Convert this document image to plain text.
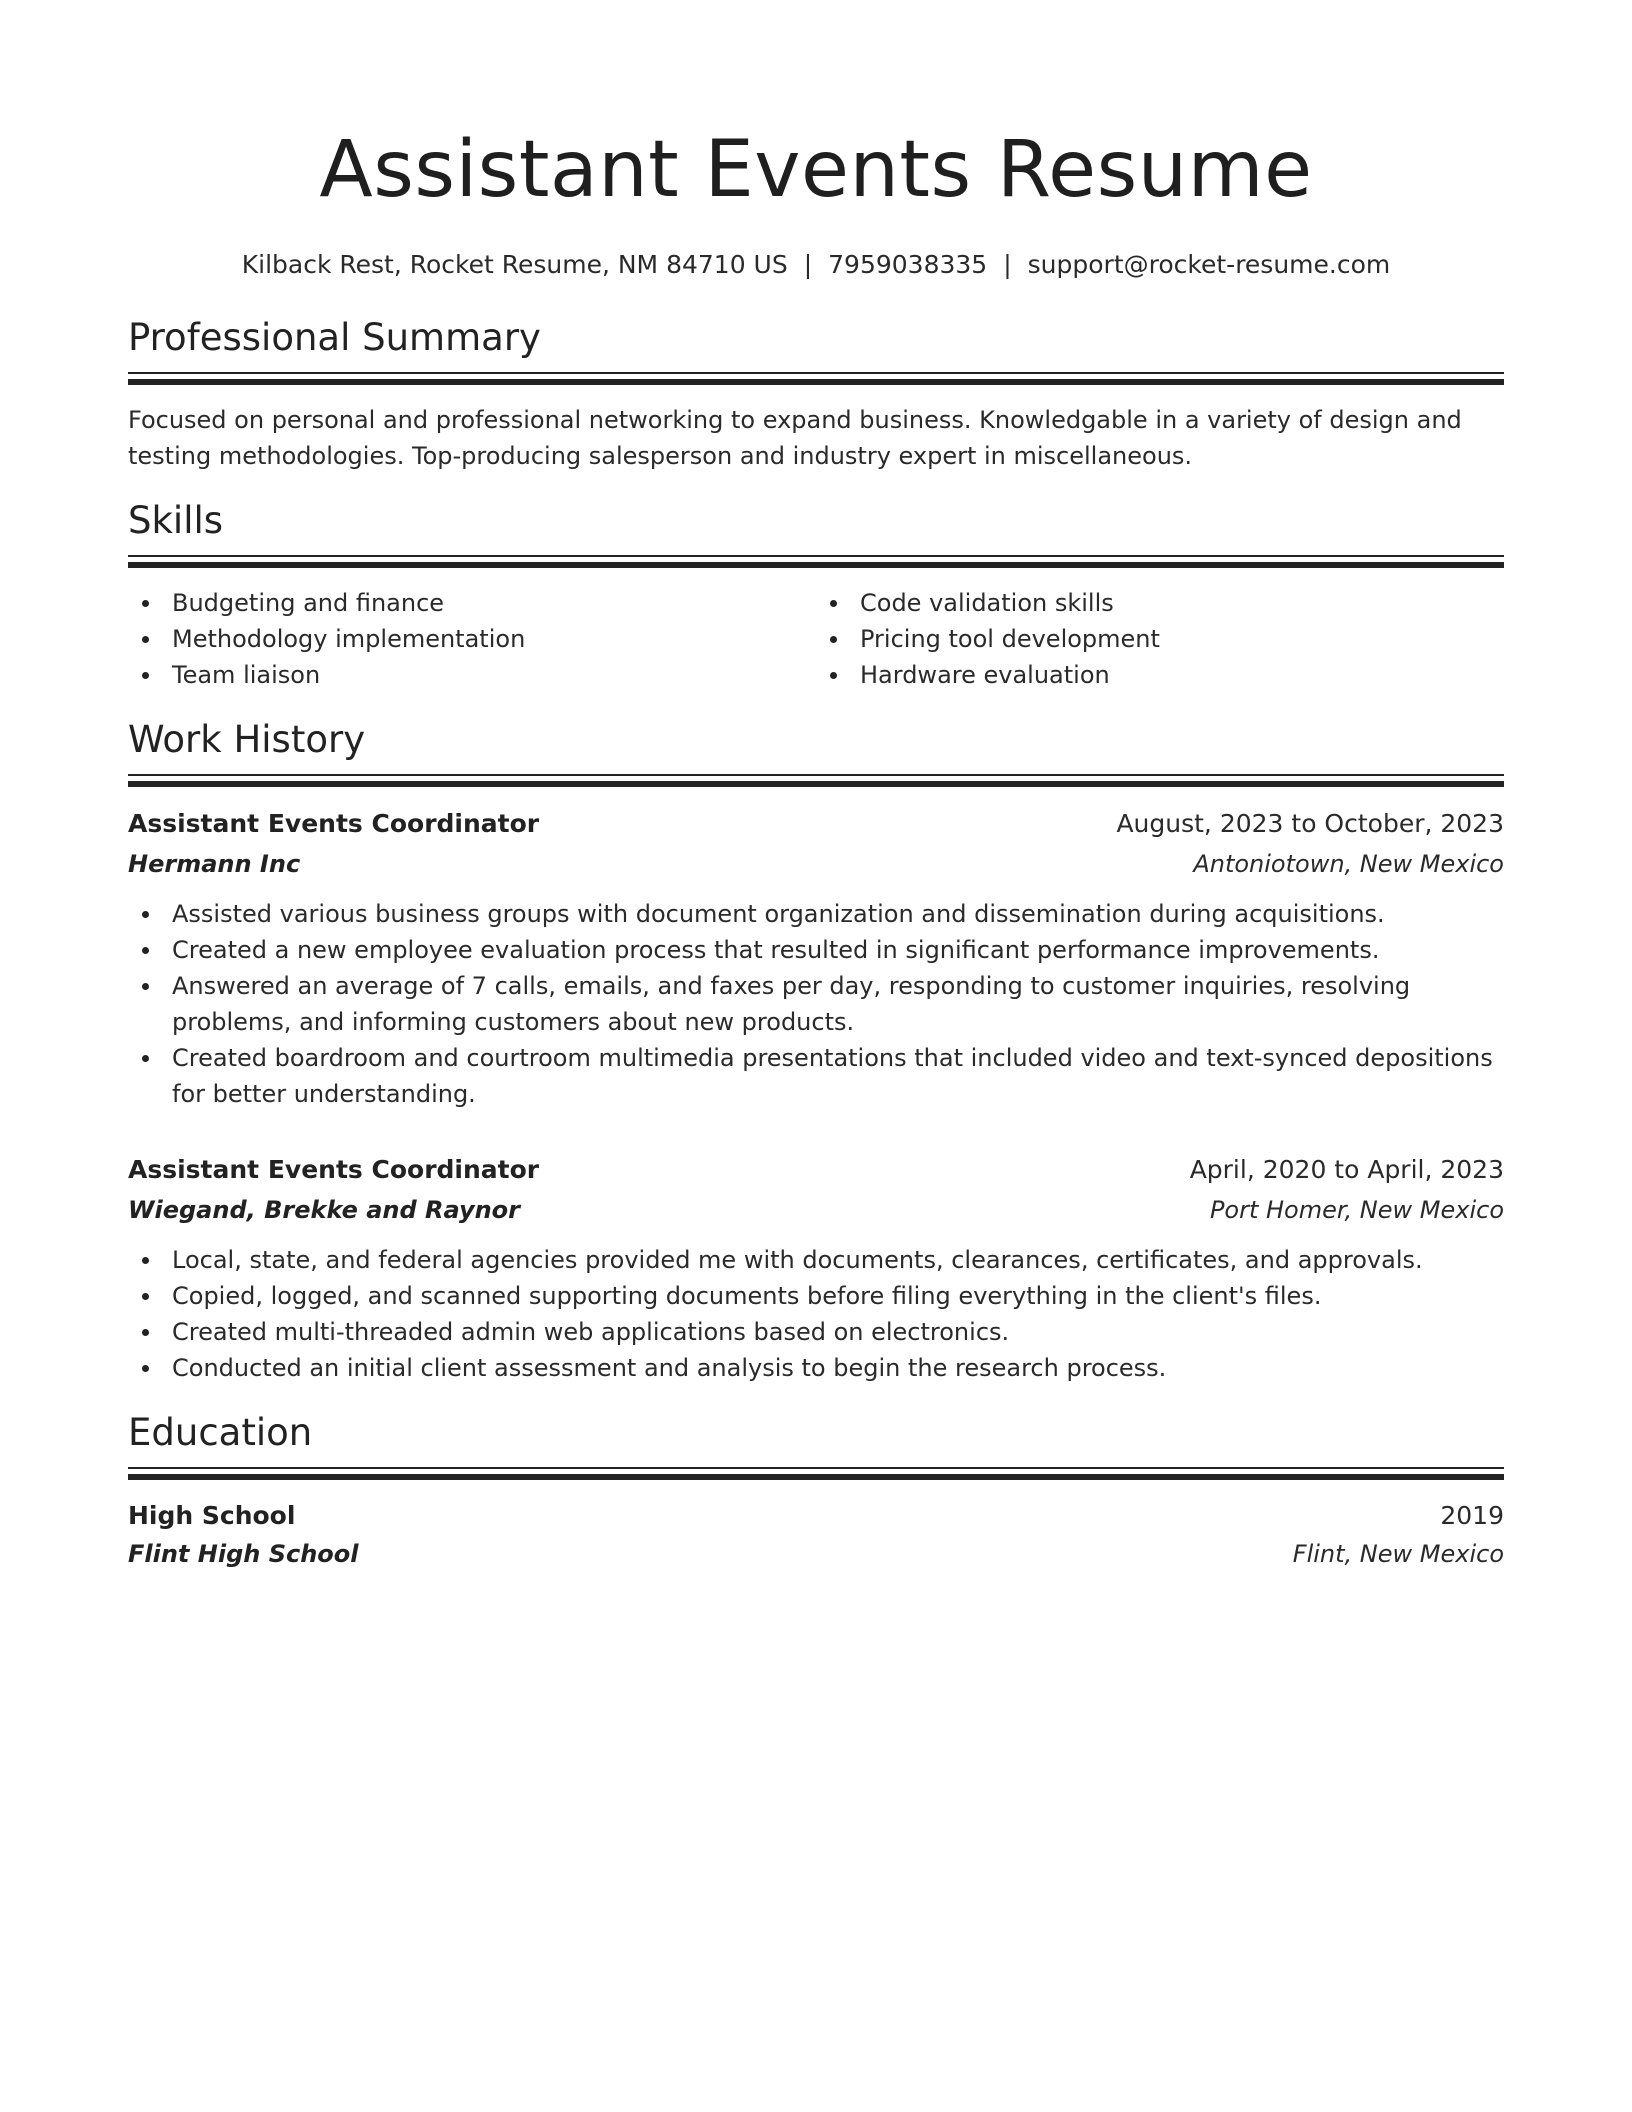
Assistant Events Resume
Kilback Rest, Rocket Resume, NM 84710 US | 7959038335 | support@rocket-resume.com
Professional Summary

Focused on personal and professional networking to expand business. Knowledgable in a variety of design and testing methodologies. Top-producing salesperson and industry expert in miscellaneous.

Skills
Budgeting and finance
Methodology implementation
Team liaison
Code validation skills
Pricing tool development
Hardware evaluation
Work History
Assistant Events Coordinator	August, 2023 to October, 2023
Hermann Inc	Antoniotown, New Mexico
Assisted various business groups with document organization and dissemination during acquisitions.
Created a new employee evaluation process that resulted in significant performance improvements.
Answered an average of 7 calls, emails, and faxes per day, responding to customer inquiries, resolving problems, and informing customers about new products.
Created boardroom and courtroom multimedia presentations that included video and text-synced depositions for better understanding.
Assistant Events Coordinator	April, 2020 to April, 2023
Wiegand, Brekke and Raynor	Port Homer, New Mexico
Local, state, and federal agencies provided me with documents, clearances, certificates, and approvals.
Copied, logged, and scanned supporting documents before filing everything in the client's files.
Created multi-threaded admin web applications based on electronics.
Conducted an initial client assessment and analysis to begin the research process.
Education
High School	2019
Flint High School	Flint, New Mexico
